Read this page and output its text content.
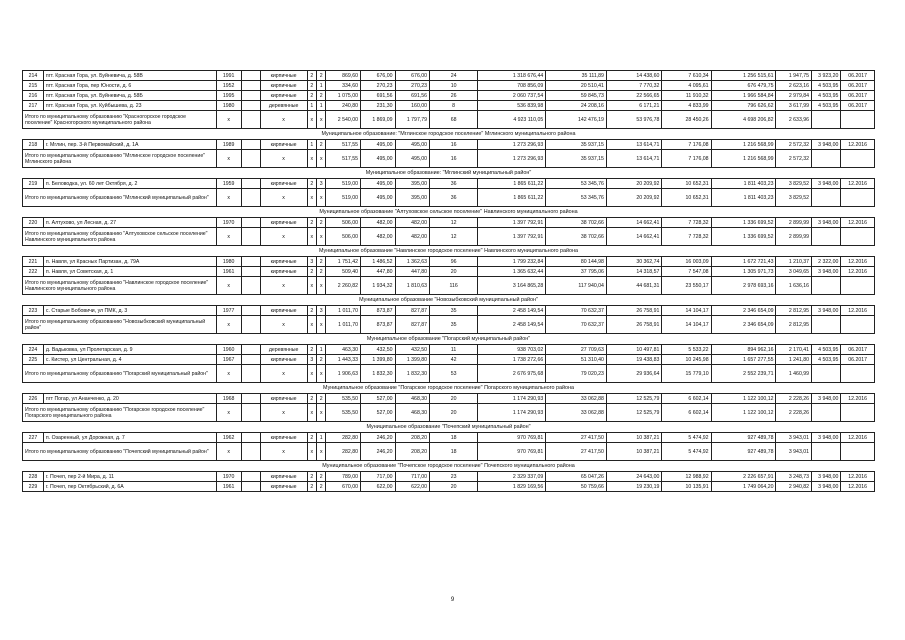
214	пгт. Красная Гора, ул. Буйневича, д. 58В	1991		кирпичные	2	2	869,60	676,00	676,00	24	1 318 676,44	35 111,89	14 438,60	7 610,34	1 256 515,61	1 947,75	3 923,20	06.2017
215	пгт. Красная Гора, пер Юности, д. 6	1952		кирпичные	2	1	334,60	270,23	270,23	10	708 856,09	20 510,41	7 770,32	4 095,61	676 479,75	2 623,16	4 503,95	06.2017
216	пгт. Красная Гора, ул. Буйневича, д. 58Б	1995		кирпичные	2	2	1 075,00	691,56	691,56	26	2 060 737,54	59 845,73	22 566,65	11 910,32	1 966 584,84	2 979,84	4 503,95	06.2017
217	пгт. Красная Гора, ул. Куйбышева, д. 23	1980		деревянные	1	1	240,80	231,30	160,00	8	536 839,98	24 208,16	6 171,21	4 833,99	796 626,62	3 617,99	4 503,95	06.2017
Итого по муниципальному образованию "Красногорское городское поселение" Красногорского муниципального района		x		x	x	x	2 540,00	1 869,09	1 797,79	68	4 923 110,05	142 476,19	53 976,78	28 450,26	4 698 206,82	2 633,96		
Муниципальное образование: "Мглинское городское поселение" Мглинского муниципального района																		
218	г. Мглин, пер. 3-й Первомайский, д. 1А	1989		кирпичные	1	2	517,55	495,00	495,00	16	1 273 296,93	35 937,15	13 614,71	7 176,08	1 216 568,99	2 572,32	3 948,00	12.2016
Итого по муниципальному образованию "Мглинское городское поселение" Мглинского района		x		x	x	x	517,55	495,00	495,00	16	1 273 296,93	35 937,15	13 614,71	7 176,08	1 216 568,99	2 572,32		
Муниципальное образование: "Мглинский муниципальный район"																		
219	п. Беловодка, ул. 60 лет Октября, д. 2	1959		кирпичные	2	3	519,00	495,00	395,00	36	1 865 611,22	53 345,76	20 209,92	10 652,31	1 811 403,23	3 829,52	3 948,00	12.2016
Итого по муниципальному образованию "Мглинский муниципальный район"		x		x	x	x	519,00	495,00	395,00	36	1 865 611,22	53 345,76	20 209,92	10 652,31	1 811 403,23	3 829,52		
Муниципальное образование "Алтуховское сельское поселение" Навлинского муниципального района																		
220	п. Алтухово, ул Лесная, д. 27	1970		кирпичные	2	2	506,00	482,00	482,00	12	1 397 792,91	38 702,66	14 662,41	7 728,32	1 336 699,52	2 899,99	3 948,00	12.2016
Итого по муниципальному образованию "Алтуховское сельское поселение" Навлинского муниципального района		x		x	x	x	506,00	482,00	482,00	12	1 397 792,91	38 702,66	14 662,41	7 728,32	1 336 699,52	2 899,99		
Муниципальное образование "Навлинское городское поселение" Навлинского муниципального района																		
221	п. Навля, ул Красных Партизан, д. 79А	1980		кирпичные	3	2	1 751,42	1 486,52	1 362,63	96	1 799 232,84	80 144,98	30 362,74	16 003,09	1 672 721,43	1 210,37	2 322,00	12.2016
222	п. Навля, ул Советская, д. 1	1961		кирпичные	2	2	509,40	447,80	447,80	20	1 365 632,44	37 795,06	14 318,57	7 547,08	1 305 971,73	3 049,65	3 948,00	12.2016
Итого по муниципальному образованию "Навлинское городское поселение" Навлинского муниципального района		x		x	x	x	2 260,82	1 934,32	1 810,63	116	3 164 865,28	117 940,04	44 681,31	23 550,17	2 978 693,16	1 636,16		
Муниципальное образование "Новозыбковский муниципальный район"																		
223	с. Старые Бобовичи, ул ПМК, д. 3	1977		кирпичные	2	3	1 011,70	873,87	827,87	35	2 458 149,54	70 632,37	26 758,91	14 104,17	2 346 654,09	2 812,95	3 948,00	12.2016
Итого по муниципальному образованию "Новозыбковский муниципальный район"		x		x	x	x	1 011,70	873,87	827,87	35	2 458 149,54	70 632,37	26 758,91	14 104,17	2 346 654,09	2 812,95		
Муниципальное образование "Погарский муниципальный район"																		
224	д. Вадьковка, ул Пролетарская, д. 9	1960		деревянные	2	1	463,30	432,50	432,50	11	938 703,02	27 709,63	10 497,81	5 533,22	894 962,16	2 170,41	4 503,95	06.2017
225	с. Кистер, ул Центральная, д. 4	1967		кирпичные	3	2	1 443,33	1 399,80	1 399,80	42	1 738 272,66	51 310,40	19 438,83	10 245,98	1 657 277,55	1 241,80	4 503,95	06.2017
Итого по муниципальному образованию "Погарский муниципальный район"		x		x	x	x	1 906,63	1 832,30	1 832,30	53	2 676 975,68	79 020,23	29 936,64	15 779,10	2 552 239,71	1 460,99		
Муниципальное образование "Погарское городское поселение" Погарского муниципального района																		
226	пгт Погар, ул Ананченко, д. 20	1968		кирпичные	2	2	535,50	527,00	468,30	20	1 174 290,93	33 062,88	12 525,79	6 602,14	1 122 100,12	2 228,26	3 948,00	12.2016
Итого по муниципальному образованию "Погарское городское поселение" Погарского муниципального района		x		x	x	x	535,50	527,00	468,30	20	1 174 290,93	33 062,88	12 525,79	6 602,14	1 122 100,12	2 228,26		
Муниципальное образование "Почепский муниципальный район"																		
227	п. Озаренный, ул Дорожная, д. 7	1962		кирпичные	2	1	282,80	246,20	208,20	18	970 769,81	27 417,50	10 387,21	5 474,92	927 489,78	3 943,01	3 948,00	12.2016
Итого по муниципальному образованию "Почепский муниципальный район"		x		x	x	x	282,80	246,20	208,20	18	970 769,81	27 417,50	10 387,21	5 474,92	927 489,78	3 943,01		
Муниципальное образование "Почепское городское поселение" Почепского муниципального района																		
228	г. Почеп, пер 2-й Мира, д. 11	1970		кирпичные	2	2	789,00	717,00	717,00	23	2 329 337,09	65 047,26	24 643,00	12 988,92	2 226 657,91	3 248,73	3 948,00	12.2016
229	г. Почеп, пер Октябрьский, д. 6А	1961		кирпичные	2	2	670,00	622,00	622,00	20	1 829 169,56	50 759,66	19 230,19	10 135,91	1 749 064,20	2 940,82	3 948,00	12.2016
9
